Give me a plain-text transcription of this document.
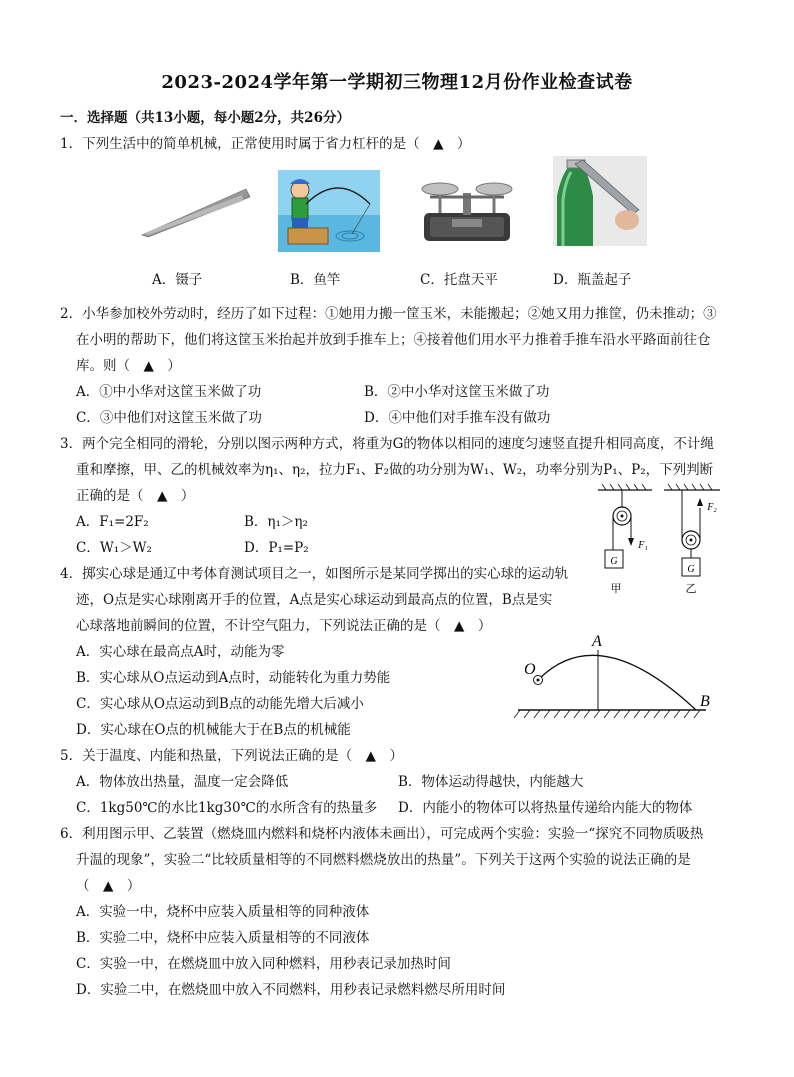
2023-2024学年第一学期初三物理12月份作业检查试卷
一．选择题（共13小题，每小题2分，共26分）
1．下列生活中的简单机械，正常使用时属于省力杠杆的是（　▲　）
A．镊子	B．鱼竿	C．托盘天平	D．瓶盖起子
2．小华参加校外劳动时，经历了如下过程：①她用力搬一筐玉米，未能搬起；②她又用力推筐，仍未推动；③
在小明的帮助下，他们将这筐玉米抬起并放到手推车上；④接着他们用水平力推着手推车沿水平路面前往仓
库。则（　▲　）
A．①中小华对这筐玉米做了功	B．②中小华对这筐玉米做了功
C．③中他们对这筐玉米做了功	D．④中他们对手推车没有做功
3．两个完全相同的滑轮，分别以图示两种方式，将重为G的物体以相同的速度匀速竖直提升相同高度，不计绳
重和摩擦，甲、乙的机械效率为η₁、η₂，拉力F₁、F₂做的功分别为W₁、W₂，功率分别为P₁、P₂，下列判断
正确的是（　▲　）
A．F₁=2F₂	B．η₁＞η₂
C．W₁＞W₂	D．P₁=P₂
G
G
F₁
F₂
甲	乙
4．掷实心球是通辽中考体育测试项目之一，如图所示是某同学掷出的实心球的运动轨
迹，O点是实心球刚离开手的位置，A点是实心球运动到最高点的位置，B点是实
心球落地前瞬间的位置，不计空气阻力，下列说法正确的是（　▲　）
A．实心球在最高点A时，动能为零
B．实心球从O点运动到A点时，动能转化为重力势能
C．实心球从O点运动到B点的动能先增大后减小
D．实心球在O点的机械能大于在B点的机械能
O
A
B
5．关于温度、内能和热量，下列说法正确的是（　▲　）
A．物体放出热量，温度一定会降低	B．物体运动得越快，内能越大
C．1kg50℃的水比1kg30℃的水所含有的热量多 D．内能小的物体可以将热量传递给内能大的物体
6．利用图示甲、乙装置（燃烧皿内燃料和烧杯内液体未画出），可完成两个实验：实验一“探究不同物质吸热
升温的现象”，实验二“比较质量相等的不同燃料燃烧放出的热量”。下列关于这两个实验的说法正确的是
（　▲　）
A．实验一中，烧杯中应装入质量相等的同种液体
B．实验二中，烧杯中应装入质量相等的不同液体
C．实验一中，在燃烧皿中放入同种燃料，用秒表记录加热时间
D．实验二中，在燃烧皿中放入不同燃料，用秒表记录燃料燃尽所用时间
